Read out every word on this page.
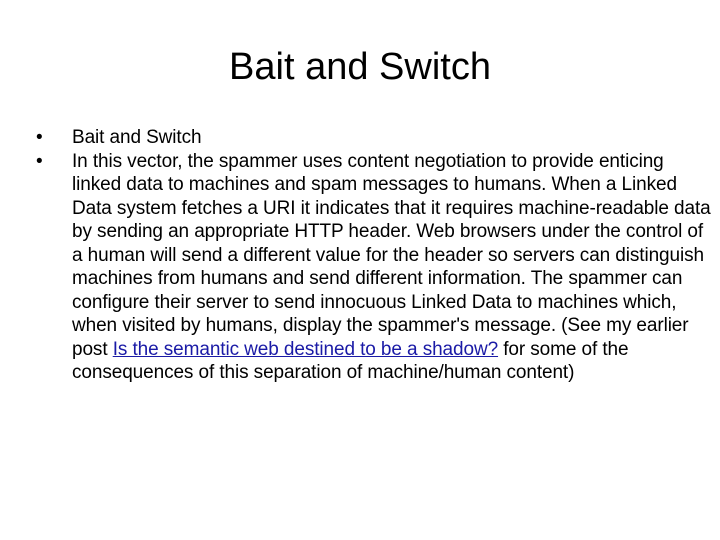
Bait and Switch
•	Bait and Switch
•	In this vector, the spammer uses content negotiation to provide enticing linked data to machines and spam messages to humans. When a Linked Data system fetches a URI it indicates that it requires machine-readable data by sending an appropriate HTTP header. Web browsers under the control of a human will send a different value for the header so servers can distinguish machines from humans and send different information. The spammer can configure their server to send innocuous Linked Data to machines which, when visited by humans, display the spammer's message. (See my earlier post Is the semantic web destined to be a shadow? for some of the consequences of this separation of machine/human content)
